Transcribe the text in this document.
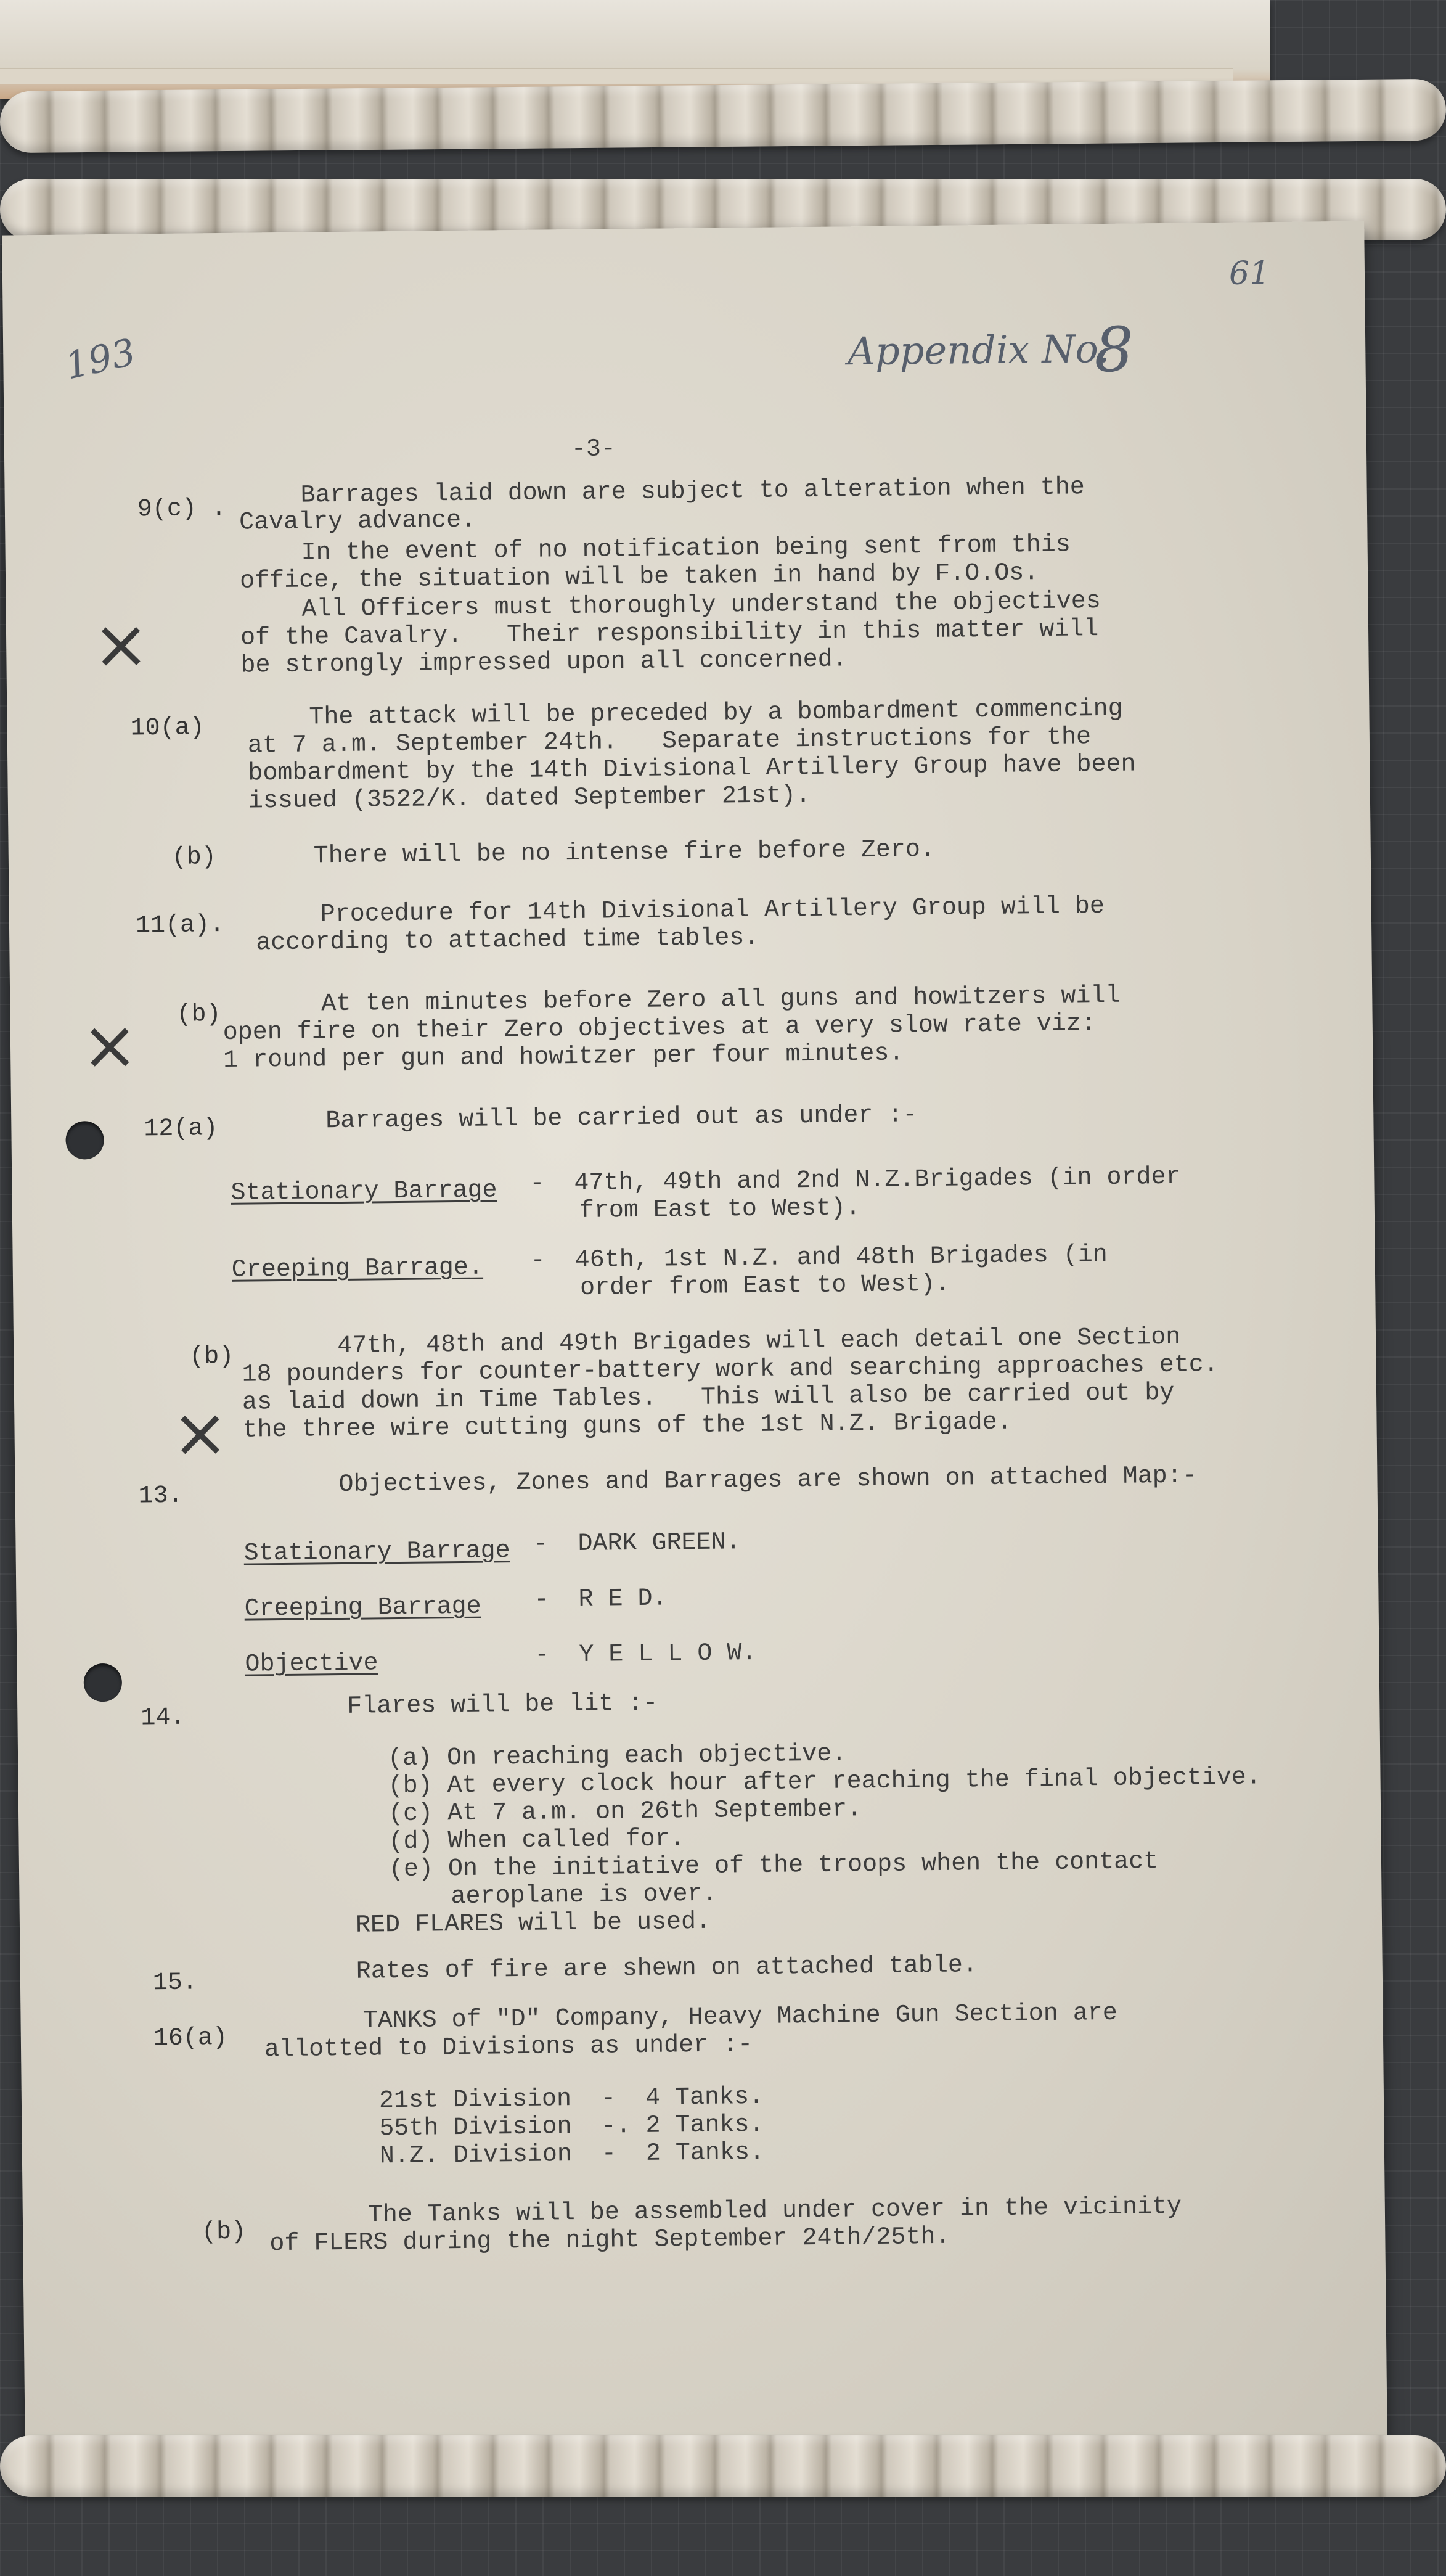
193
61
Appendix No.
8
-3-
9(c) .	Barrages laid down are subject to alteration when the
Cavalry advance.
In the event of no notification being sent from this
office, the situation will be taken in hand by F.O.Os.
All Officers must thoroughly understand the objectives
of the Cavalry.   Their responsibility in this matter will
be strongly impressed upon all concerned.
×
10(a)	The attack will be preceded by a bombardment commencing
at 7 a.m. September 24th.   Separate instructions for the
bombardment by the 14th Divisional Artillery Group have been
issued (3522/K. dated September 21st).
(b)	There will be no intense fire before Zero.
11(a).	Procedure for 14th Divisional Artillery Group will be
according to attached time tables.
(b)	At ten minutes before Zero all guns and howitzers will
open fire on their Zero objectives at a very slow rate viz:
1 round per gun and howitzer per four minutes.
×
12(a)	Barrages will be carried out as under :-
Stationary Barrage -  47th, 49th and 2nd N.Z.Brigades (in order
from East to West).
Creeping Barrage. -  46th, 1st N.Z. and 48th Brigades (in
order from East to West).
(b)	47th, 48th and 49th Brigades will each detail one Section
18 pounders for counter-battery work and searching approaches etc.
as laid down in Time Tables.   This will also be carried out by
the three wire cutting guns of the 1st N.Z. Brigade.
×
13.	Objectives, Zones and Barrages are shown on attached Map:-
Stationary Barrage -  DARK GREEN.
Creeping Barrage -  R E D.
Objective	-  Y E L L O W.
14.	Flares will be lit :-
(a) On reaching each objective.
(b) At every clock hour after reaching the final objective.
(c) At 7 a.m. on 26th September.
(d) When called for.
(e) On the initiative of the troops when the contact
aeroplane is over.
RED FLARES will be used.
15.	Rates of fire are shewn on attached table.
16(a)
TANKS of "D" Company, Heavy Machine Gun Section are
allotted to Divisions as under :-
21st Division  -  4 Tanks.
55th Division  -. 2 Tanks.
N.Z. Division  -  2 Tanks.
(b)
The Tanks will be assembled under cover in the vicinity
of FLERS during the night September 24th/25th.
